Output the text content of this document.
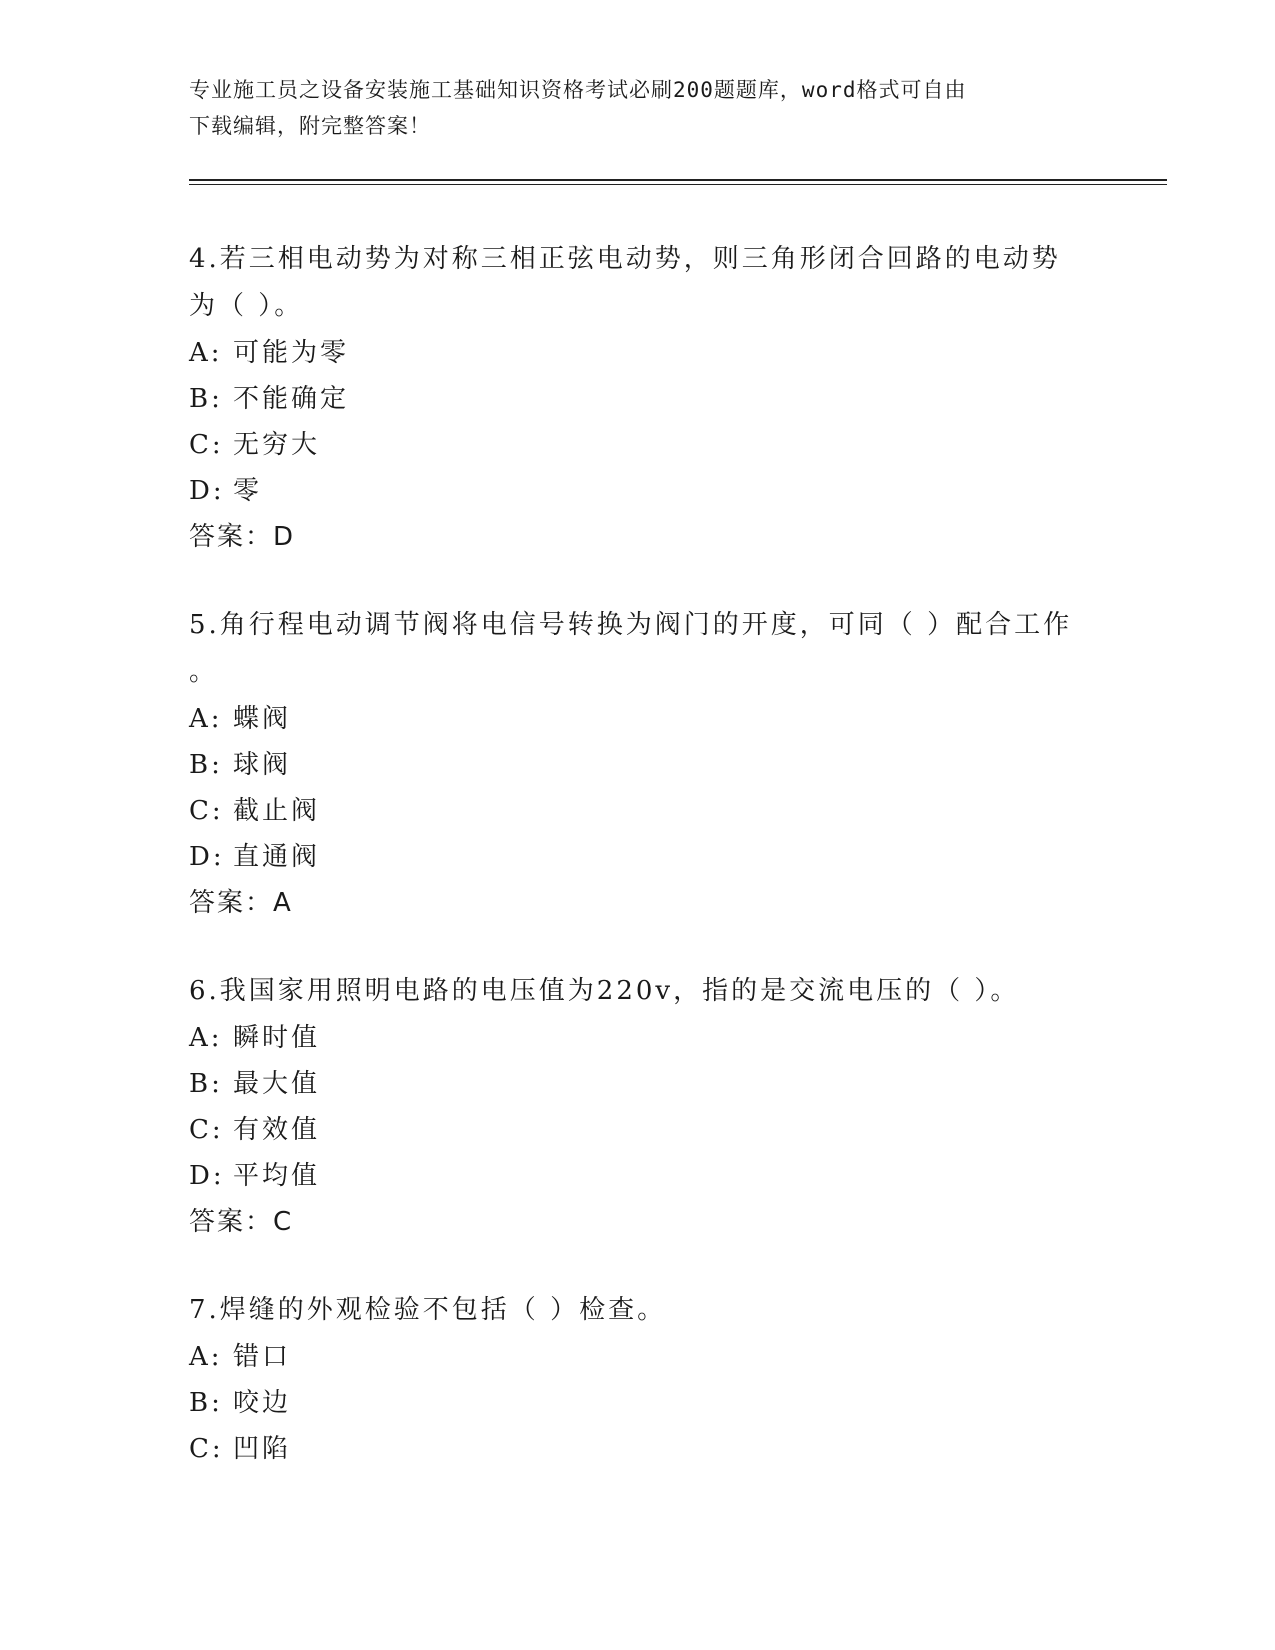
专业施工员之设备安装施工基础知识资格考试必刷200题题库，word格式可自由
下载编辑，附完整答案！
4.若三相电动势为对称三相正弦电动势，则三角形闭合回路的电动势
为（ ）。
A: 可能为零
B: 不能确定
C: 无穷大
D: 零
答案：D
5.角行程电动调节阀将电信号转换为阀门的开度，可同（ ）配合工作
。
A: 蝶阀
B: 球阀
C: 截止阀
D: 直通阀
答案：A
6.我国家用照明电路的电压值为220v，指的是交流电压的（ ）。
A: 瞬时值
B: 最大值
C: 有效值
D: 平均值
答案：C
7.焊缝的外观检验不包括（ ）检查。
A: 错口
B: 咬边
C: 凹陷
